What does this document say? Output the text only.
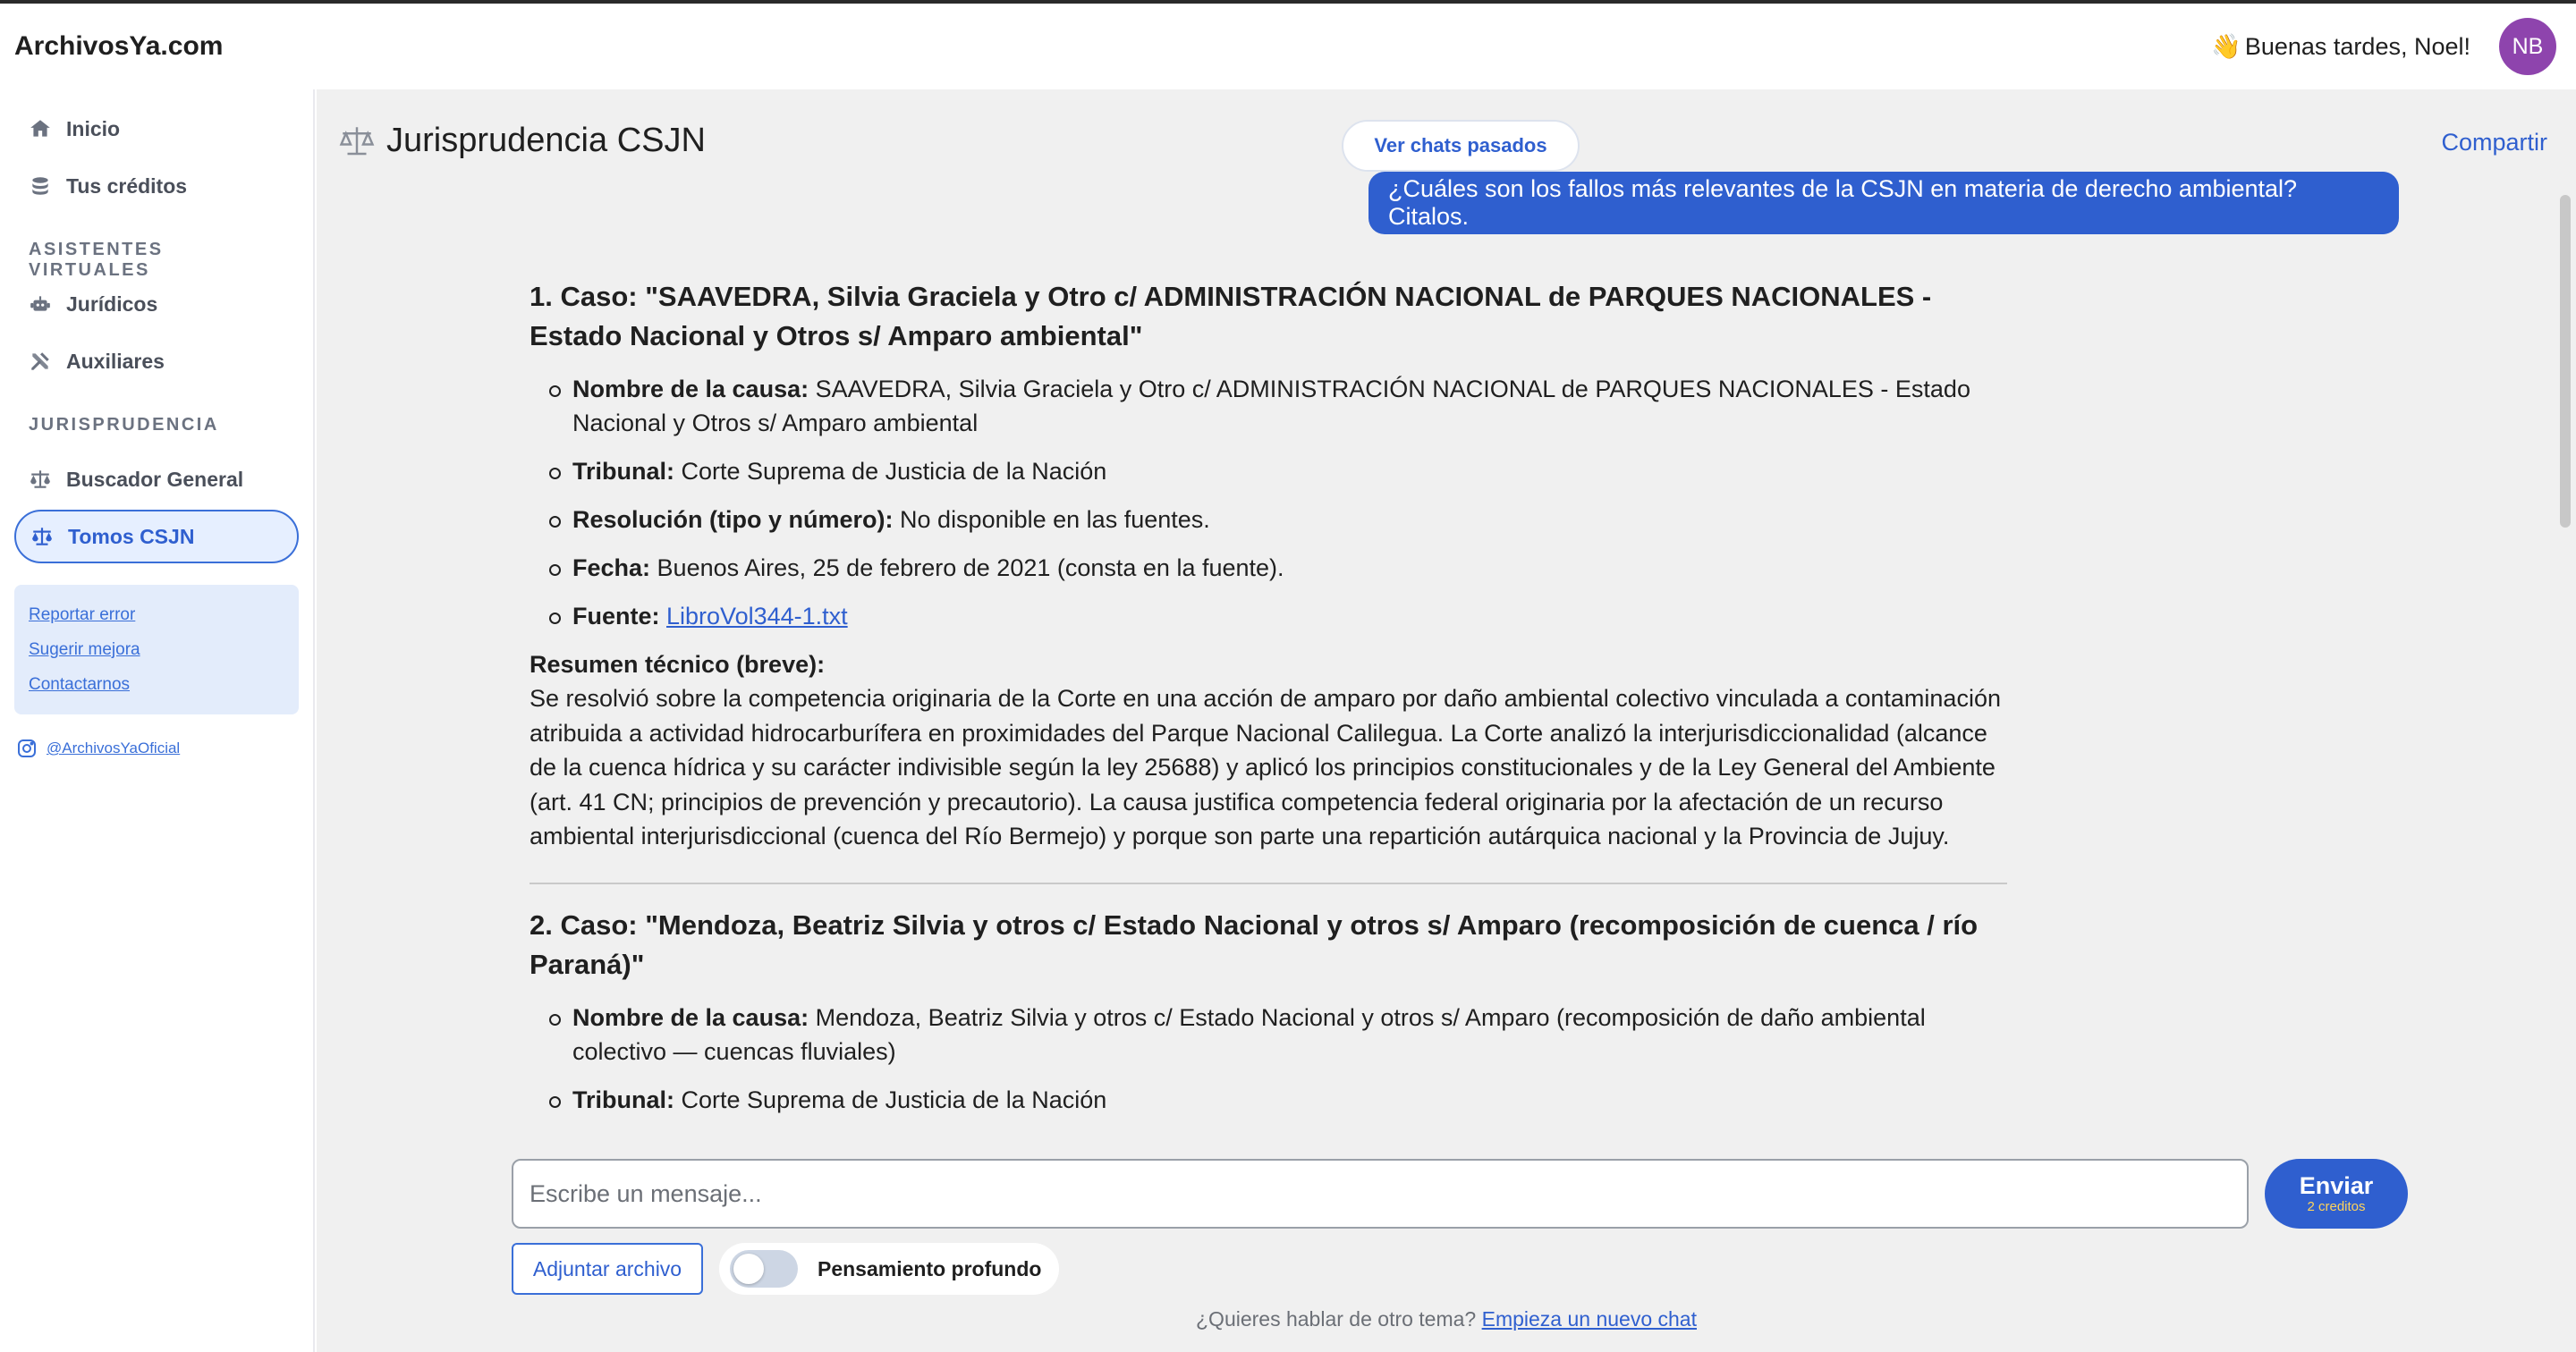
ArchivosYa.com	👋 Buenas tardes, Noel!	NB
Inicio
Tus créditos
ASISTENTES VIRTUALES
Jurídicos
Auxiliares
JURISPRUDENCIA
Buscador General
Tomos CSJN
Reportar error
Sugerir mejora
Contactarnos
@ArchivosYaOficial
Jurisprudencia CSJN	Ver chats pasados	Compartir
¿Cuáles son los fallos más relevantes de la CSJN en materia de derecho ambiental? Citalos.
1. Caso: "SAAVEDRA, Silvia Graciela y Otro c/ ADMINISTRACIÓN NACIONAL de PARQUES NACIONALES - Estado Nacional y Otros s/ Amparo ambiental"
Nombre de la causa: SAAVEDRA, Silvia Graciela y Otro c/ ADMINISTRACIÓN NACIONAL de PARQUES NACIONALES - Estado Nacional y Otros s/ Amparo ambiental
Tribunal: Corte Suprema de Justicia de la Nación
Resolución (tipo y número): No disponible en las fuentes.
Fecha: Buenos Aires, 25 de febrero de 2021 (consta en la fuente).
Fuente: LibroVol344-1.txt
Resumen técnico (breve):
Se resolvió sobre la competencia originaria de la Corte en una acción de amparo por daño ambiental colectivo vinculada a contaminación atribuida a actividad hidrocarburífera en proximidades del Parque Nacional Calilegua. La Corte analizó la interjurisdiccionalidad (alcance de la cuenca hídrica y su carácter indivisible según la ley 25688) y aplicó los principios constitucionales y de la Ley General del Ambiente (art. 41 CN; principios de prevención y precautorio). La causa justifica competencia federal originaria por la afectación de un recurso ambiental interjurisdiccional (cuenca del Río Bermejo) y porque son parte una repartición autárquica nacional y la Provincia de Jujuy.
2. Caso: "Mendoza, Beatriz Silvia y otros c/ Estado Nacional y otros s/ Amparo (recomposición de cuenca / río Paraná)"
Nombre de la causa: Mendoza, Beatriz Silvia y otros c/ Estado Nacional y otros s/ Amparo (recomposición de daño ambiental colectivo — cuencas fluviales)
Tribunal: Corte Suprema de Justicia de la Nación
Escribe un mensaje...	Enviar
2 creditos
Adjuntar archivo	Pensamiento profundo
¿Quieres hablar de otro tema? Empieza un nuevo chat
